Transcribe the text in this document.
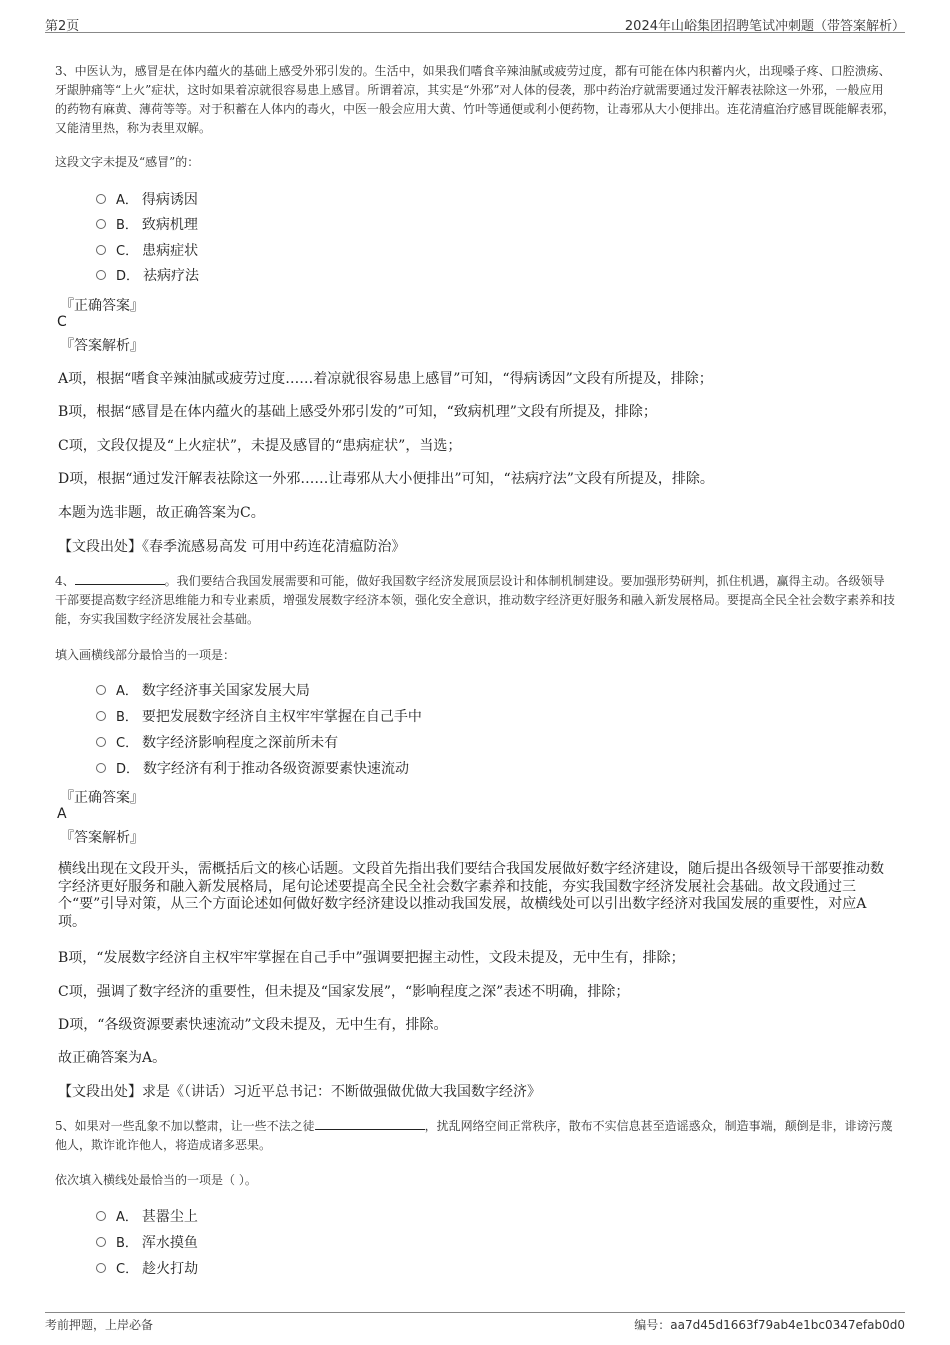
第2页	2024年山峪集团招聘笔试冲刺题（带答案解析）
3、中医认为，感冒是在体内蕴火的基础上感受外邪引发的。生活中，如果我们嗜食辛辣油腻或疲劳过度，都有可能在体内积蓄内火，出现嗓子疼、口腔溃疡、牙龈肿痛等“上火”症状，这时如果着凉就很容易患上感冒。所谓着凉，其实是“外邪”对人体的侵袭，那中药治疗就需要通过发汗解表祛除这一外邪，一般应用的药物有麻黄、薄荷等等。对于积蓄在人体内的毒火，中医一般会应用大黄、竹叶等通便或利小便药物，让毒邪从大小便排出。连花清瘟治疗感冒既能解表邪，又能清里热，称为表里双解。
这段文字未提及“感冒”的：
A． 得病诱因
B． 致病机理
C． 患病症状
D． 祛病疗法
『正确答案』
C
『答案解析』
A项，根据“嗜食辛辣油腻或疲劳过度……着凉就很容易患上感冒”可知，“得病诱因”文段有所提及，排除；
B项，根据“感冒是在体内蕴火的基础上感受外邪引发的”可知，“致病机理”文段有所提及，排除；
C项，文段仅提及“上火症状”，未提及感冒的“患病症状”，当选；
D项，根据“通过发汗解表祛除这一外邪……让毒邪从大小便排出”可知，“祛病疗法”文段有所提及，排除。
本题为选非题，故正确答案为C。
【文段出处】《春季流感易高发 可用中药连花清瘟防治》
4、	。我们要结合我国发展需要和可能，做好我国数字经济发展顶层设计和体制机制建设。要加强形势研判，抓住机遇，赢得主动。各级领导干部要提高数字经济思维能力和专业素质，增强发展数字经济本领，强化安全意识，推动数字经济更好服务和融入新发展格局。要提高全民全社会数字素养和技能，夯实我国数字经济发展社会基础。
填入画横线部分最恰当的一项是：
A． 数字经济事关国家发展大局
B． 要把发展数字经济自主权牢牢掌握在自己手中
C． 数字经济影响程度之深前所未有
D． 数字经济有利于推动各级资源要素快速流动
『正确答案』
A
『答案解析』
横线出现在文段开头，需概括后文的核心话题。文段首先指出我们要结合我国发展做好数字经济建设，随后提出各级领导干部要推动数字经济更好服务和融入新发展格局，尾句论述要提高全民全社会数字素养和技能，夯实我国数字经济发展社会基础。故文段通过三个“要”引导对策，从三个方面论述如何做好数字经济建设以推动我国发展，故横线处可以引出数字经济对我国发展的重要性，对应A项。
B项，“发展数字经济自主权牢牢掌握在自己手中”强调要把握主动性，文段未提及，无中生有，排除；
C项，强调了数字经济的重要性，但未提及“国家发展”，“影响程度之深”表述不明确，排除；
D项，“各级资源要素快速流动”文段未提及，无中生有，排除。
故正确答案为A。
【文段出处】求是《（讲话）习近平总书记：不断做强做优做大我国数字经济》
5、如果对一些乱象不加以整肃，让一些不法之徒	，扰乱网络空间正常秩序，散布不实信息甚至造谣惑众，制造事端，颠倒是非，诽谤污蔑他人，欺诈讹诈他人，将造成诸多恶果。
依次填入横线处最恰当的一项是（ ）。
A． 甚嚣尘上
B． 浑水摸鱼
C． 趁火打劫
考前押题，上岸必备	编号：aa7d45d1663f79ab4e1bc0347efab0d0
